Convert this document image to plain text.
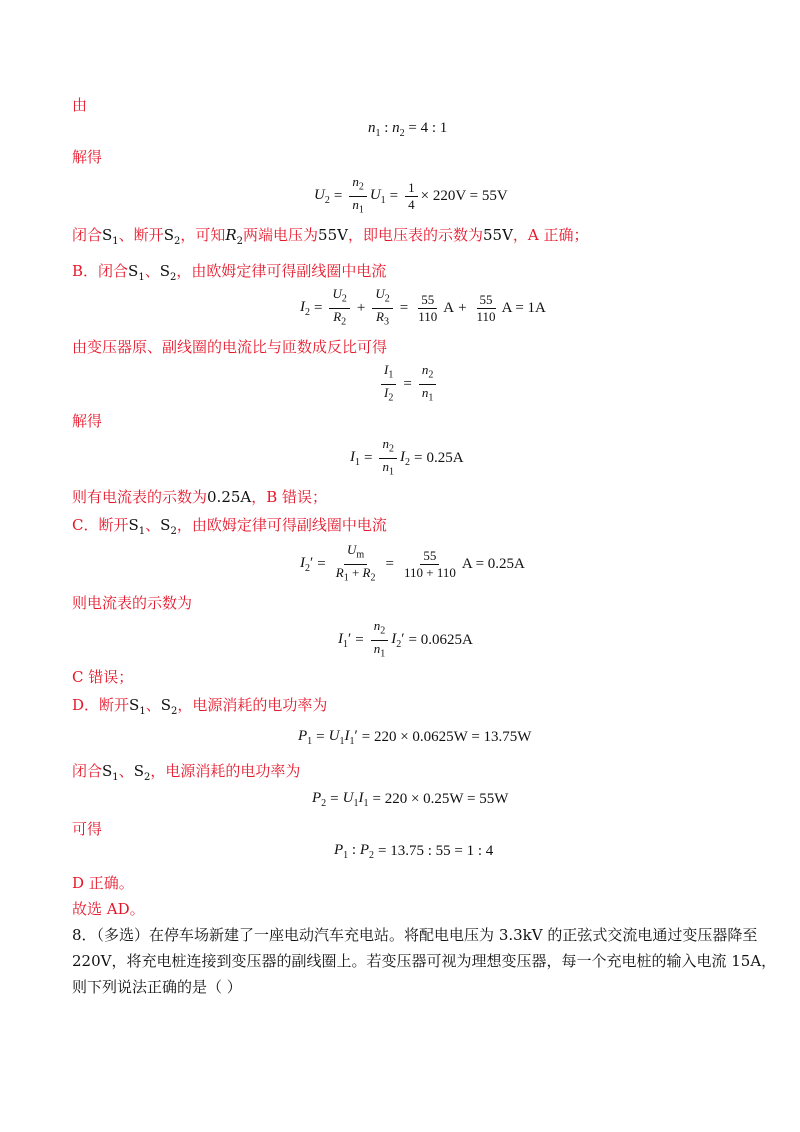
由
$n_1$ : $n_2 = 4$ : 1
解得
$U_2 = \frac{n_2}{n_1} U_1 = \frac{1}{4} \times 220V = 55V$
闭合$S_1$、断开$S_2$，可知$R_2$两端电压为55V，即电压表的示数为55V，A 正确；
B．闭合$S_1$、$S_2$，由欧姆定律可得副线圈中电流
$I_2 = \frac{U_2}{R_2} + \frac{U_2}{R_3} = \frac{55}{110}$ $A + \frac{55}{110}$ A = 1A
由变压器原、副线圈的电流比与匝数成反比可得
$\frac{I_1}{I_2} = \frac{n_2}{n_1}$
解得
$I_1 = \frac{n_2}{n_1} I_2 = 0.25A$
则有电流表的示数为0.25A，B 错误；
C．断开$S_1$、$S_2$，由欧姆定律可得副线圈中电流
$I_2' = \frac{U_m}{R_1 + R_2} = \frac{55}{110 + 110}$ A = 0.25A
则电流表的示数为
$I_1' = \frac{n_2}{n_1} I_2' = 0.0625A$
C 错误；
D．断开$S_1$、$S_2$，电源消耗的电功率为
$P_1 = U_1I_1' = 220 \times 0.0625W = 13.75W$
闭合$S_1$、$S_2$，电源消耗的电功率为
$P_2 = U_1I_1 = 220 \times 0.25W = 55W$
可得
$P_1$ : $P_2 = 13.75$ : 55 = 1 : 4
D 正确。
故选 AD。
8．（多选）在停车场新建了一座电动汽车充电站。将配电电压为 3.3kV 的正弦式交流电通过变压器降至
220V，将充电桩连接到变压器的副线圈上。若变压器可视为理想变压器，每一个充电桩的输入电流 15A，
则下列说法正确的是（ ）
